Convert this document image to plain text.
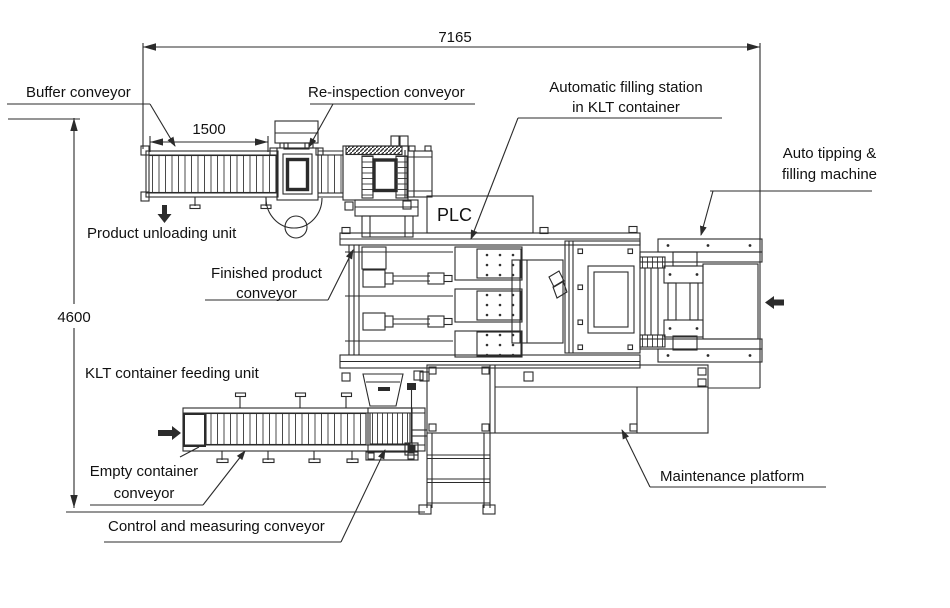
7165
1500
4600
Buffer conveyor	Re-inspection conveyor	Automatic filling station
in KLT container
Auto tipping &
filling machine
Product unloading unit
Finished product
conveyor
KLT container feeding unit
Empty container
conveyor
Control and measuring conveyor
Maintenance platform
PLC
